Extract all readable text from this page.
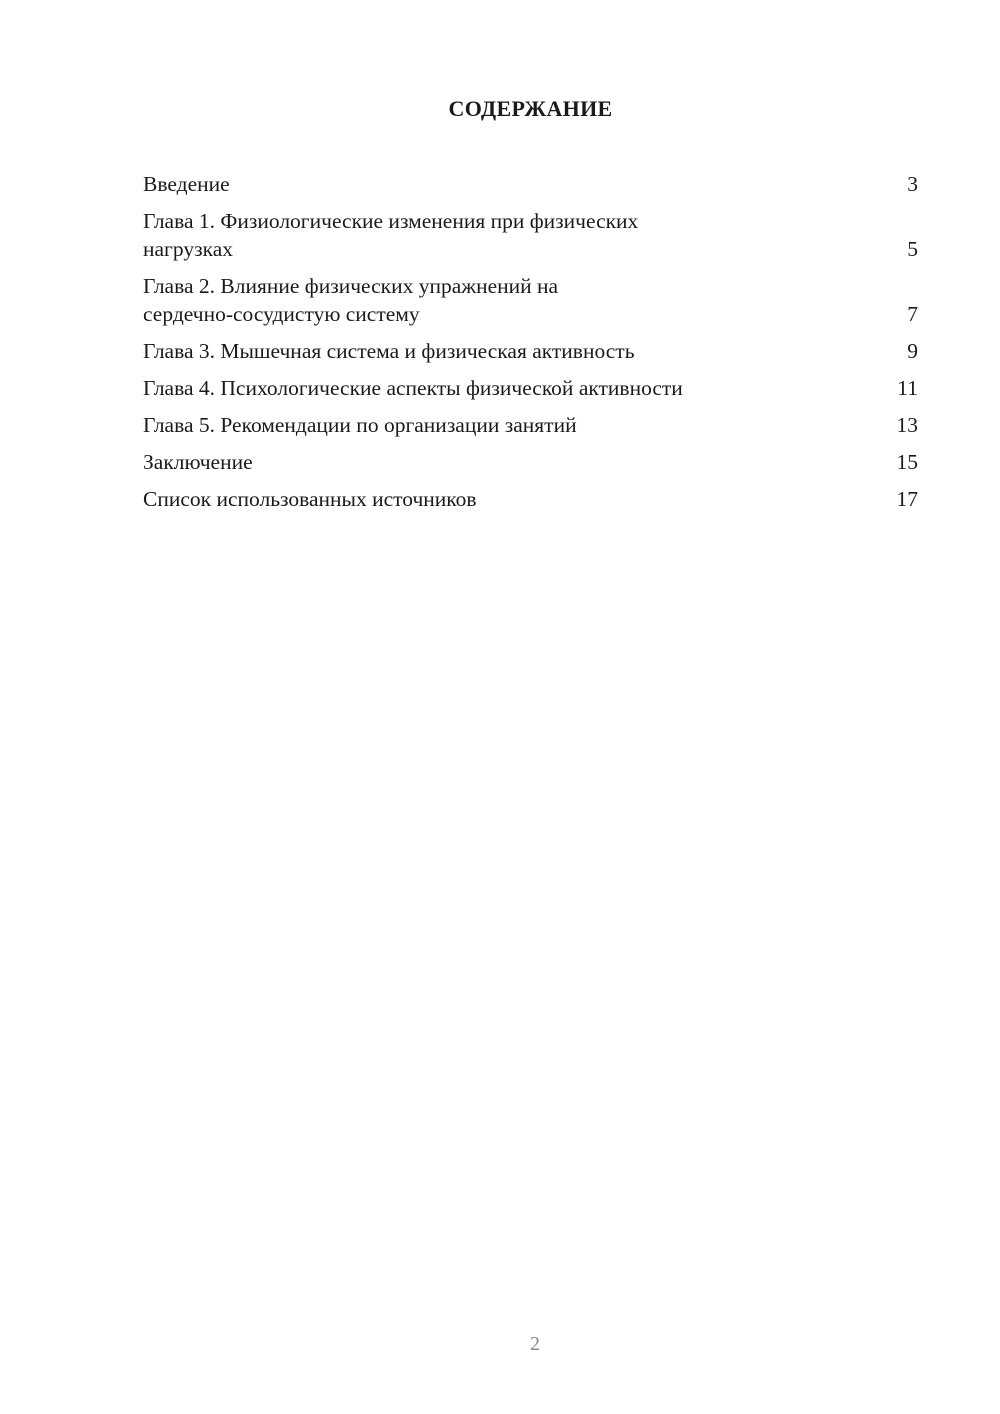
СОДЕРЖАНИЕ
Введение	3
Глава 1. Физиологические изменения при физических
нагрузках	5
Глава 2. Влияние физических упражнений на
сердечно-сосудистую систему	7
Глава 3. Мышечная система и физическая активность	9
Глава 4. Психологические аспекты физической активности	11
Глава 5. Рекомендации по организации занятий	13
Заключение	15
Список использованных источников	17
2
